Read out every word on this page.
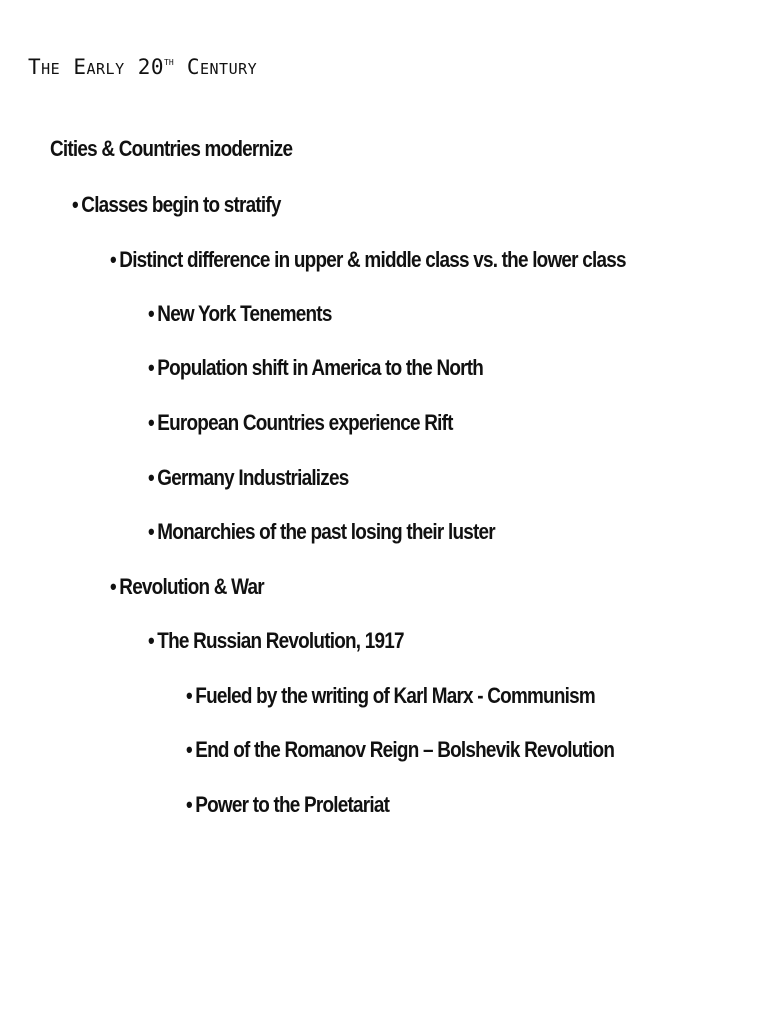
The Early 20th Century
Cities & Countries modernize
• Classes begin to stratify
• Distinct difference in upper & middle class vs. the lower class
• New York Tenements
• Population shift in America to the North
• European Countries experience Rift
• Germany Industrializes
• Monarchies of the past losing their luster
• Revolution & War
• The Russian Revolution, 1917
• Fueled by the writing of Karl Marx - Communism
• End of the Romanov Reign – Bolshevik Revolution
• Power to the Proletariat
